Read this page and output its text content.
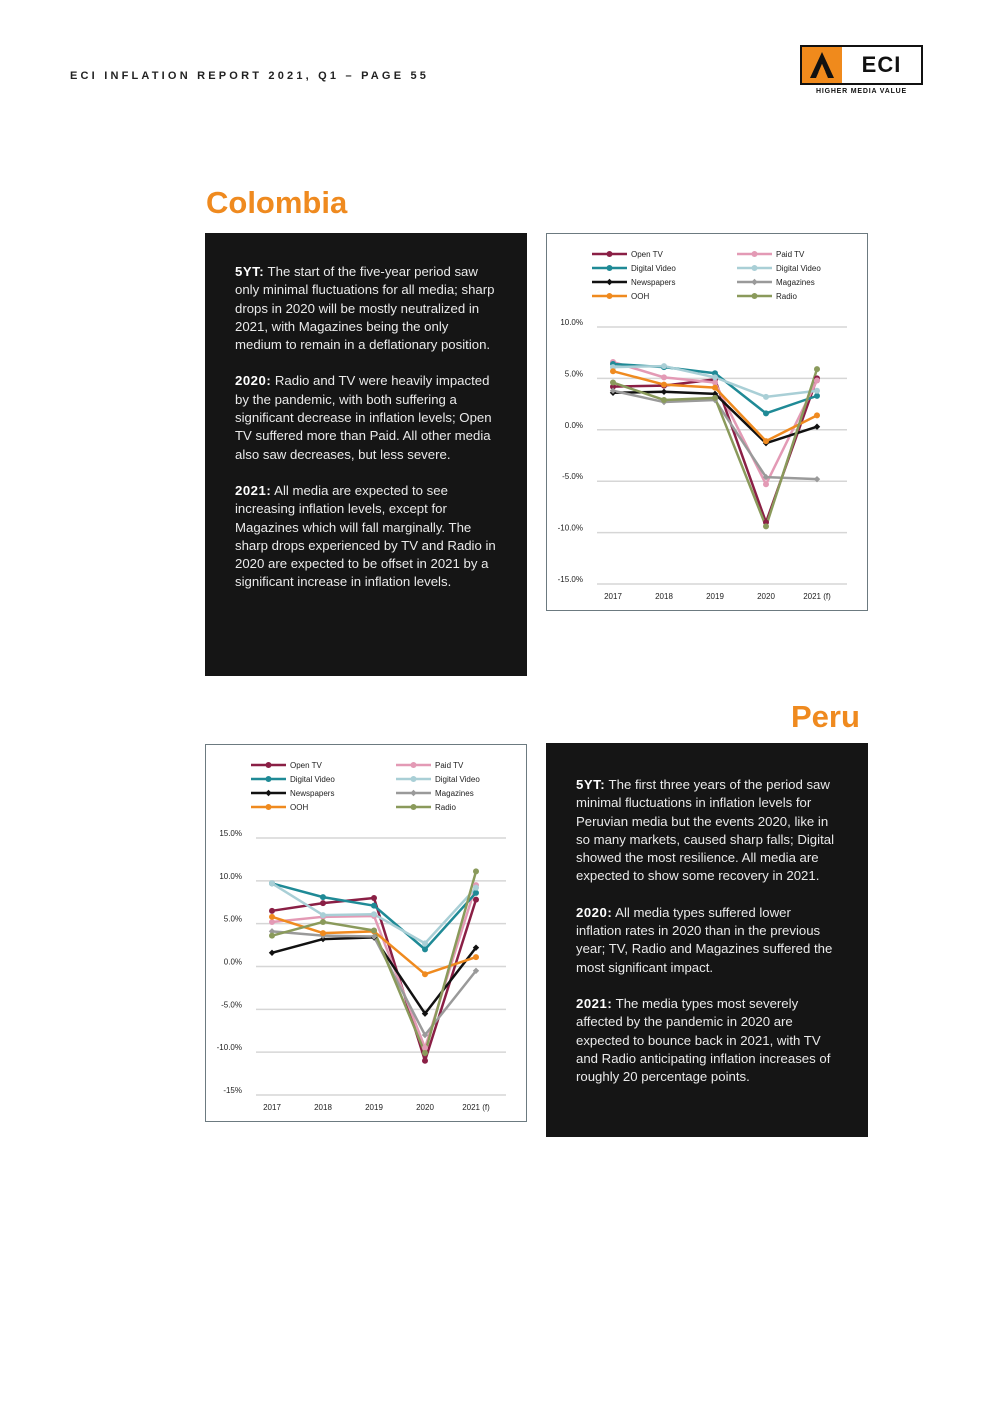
ECI INFLATION REPORT 2021, Q1 – PAGE 55	ECI
HIGHER MEDIA VALUE
Colombia

5YT: The start of the five-year period saw only minimal fluctuations for all media; sharp drops in 2020 will be mostly neutralized in 2021, with Magazines being the only medium to remain in a deflationary position.

2020: Radio and TV were heavily impacted by the pandemic, with both suffering a significant decrease in inflation levels; Open TV suffered more than Paid. All other media also saw decreases, but less severe.

2021: All media are expected to see increasing inflation levels, except for Magazines which will fall marginally. The sharp drops experienced by TV and Radio in 2020 are expected to be offset in 2021 by a significant increase in inflation levels.

Open TV	Paid TV
Digital Video	Digital Video
Newspapers	Magazines
OOH	Radio
10.0%
5.0%
0.0%
-5.0%
-10.0%
-15.0%
2017	2018	2019	2020	2021 (f)
Peru
Open TV	Paid TV
Digital Video	Digital Video
Newspapers	Magazines
OOH	Radio
15.0%
10.0%
5.0%
0.0%
-5.0%
-10.0%
-15%
2017	2018	2019	2020	2021 (f)

5YT: The first three years of the period saw minimal fluctuations in inflation levels for Peruvian media but the events 2020, like in so many markets, caused sharp falls; Digital showed the most resilience. All media are expected to show some recovery in 2021.

2020: All media types suffered lower inflation rates in 2020 than in the previous year; TV, Radio and Magazines suffered the most significant impact.

2021: The media types most severely affected by the pandemic in 2020 are expected to bounce back in 2021, with TV and Radio anticipating inflation increases of roughly 20 percentage points.
